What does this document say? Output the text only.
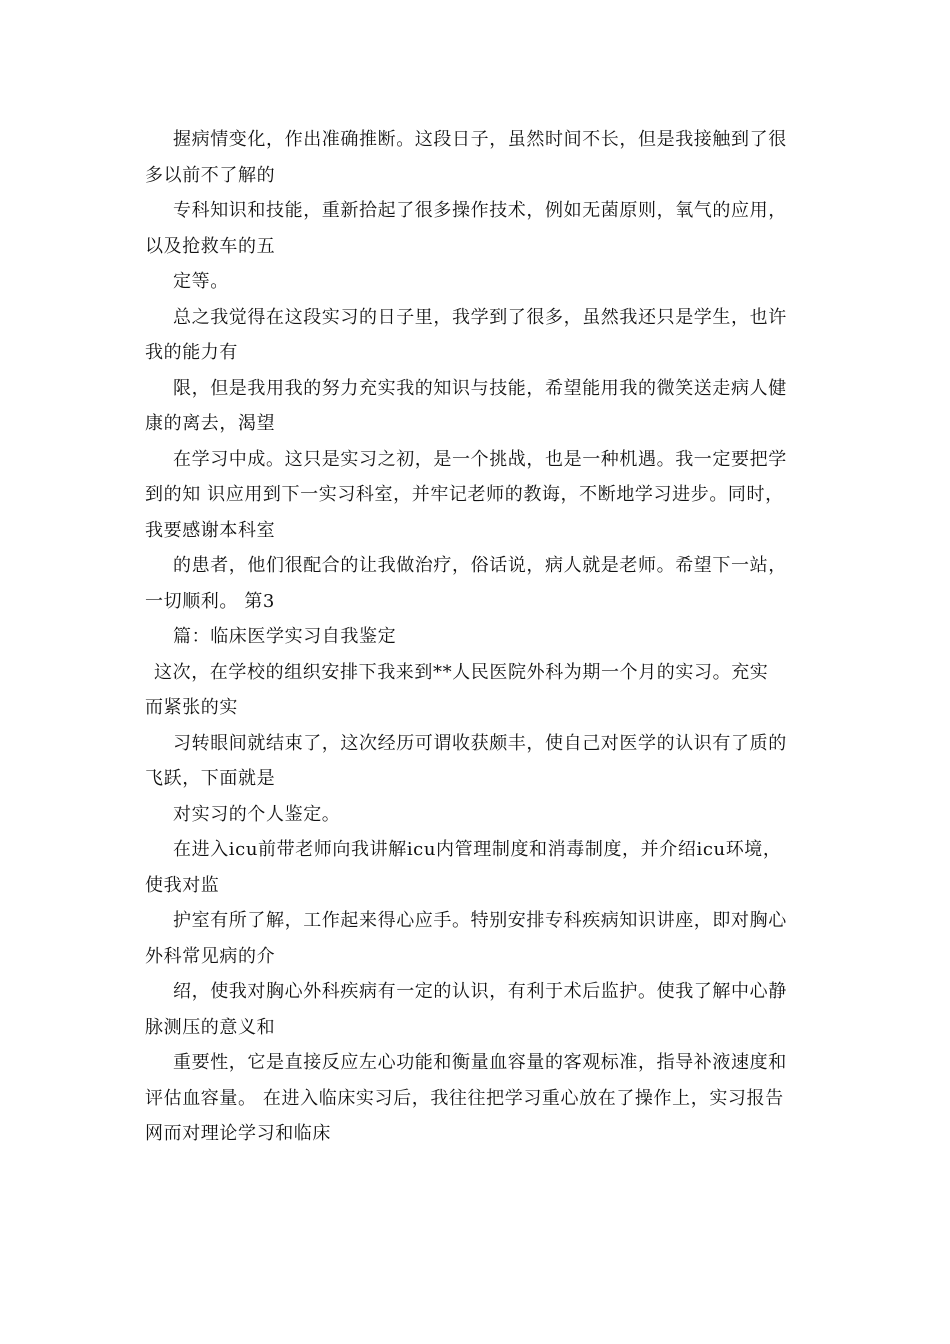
握病情变化，作出准确推断。这段日子，虽然时间不长，但是我接触到了很
多以前不了解的
专科知识和技能，重新拾起了很多操作技术，例如无菌原则，氧气的应用，
以及抢救车的五
定等。
总之我觉得在这段实习的日子里，我学到了很多，虽然我还只是学生，也许
我的能力有
限，但是我用我的努力充实我的知识与技能，希望能用我的微笑送走病人健
康的离去，渴望
在学习中成。这只是实习之初，是一个挑战，也是一种机遇。我一定要把学
到的知 识应用到下一实习科室，并牢记老师的教诲，不断地学习进步。同时，
我要感谢本科室
的患者，他们很配合的让我做治疗，俗话说，病人就是老师。希望下一站，
一切顺利。 第3
篇：临床医学实习自我鉴定
这次，在学校的组织安排下我来到**人民医院外科为期一个月的实习。充实
而紧张的实
习转眼间就结束了，这次经历可谓收获颇丰，使自己对医学的认识有了质的
飞跃，下面就是
对实习的个人鉴定。
在进入icu前带老师向我讲解icu内管理制度和消毒制度，并介绍icu环境，
使我对监
护室有所了解，工作起来得心应手。特别安排专科疾病知识讲座，即对胸心
外科常见病的介
绍，使我对胸心外科疾病有一定的认识，有利于术后监护。使我了解中心静
脉测压的意义和
重要性，它是直接反应左心功能和衡量血容量的客观标准，指导补液速度和
评估血容量。 在进入临床实习后，我往往把学习重心放在了操作上，实习报告
网而对理论学习和临床
